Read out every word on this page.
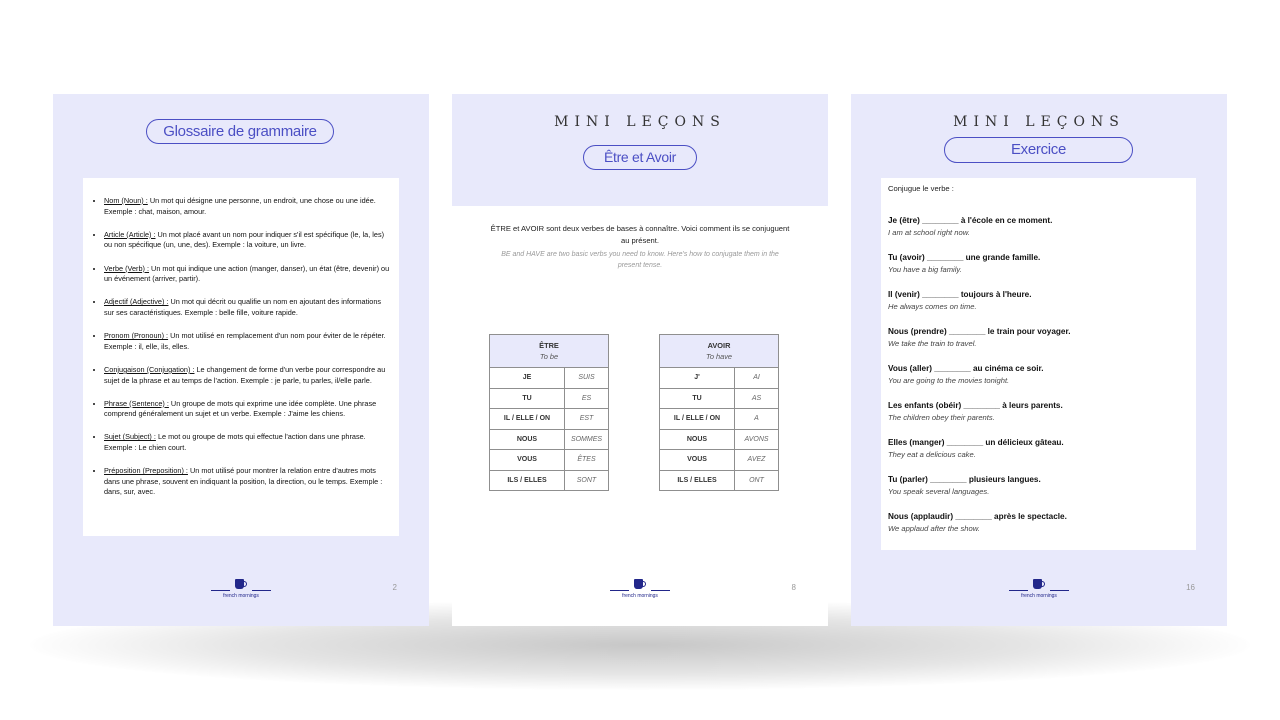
Glossaire de grammaire
• Nom (Noun) : Un mot qui désigne une personne, un endroit, une chose ou une idée. Exemple : chat, maison, amour.
• Article (Article) : Un mot placé avant un nom pour indiquer s'il est spécifique (le, la, les) ou non spécifique (un, une, des). Exemple : la voiture, un livre.
• Verbe (Verb) : Un mot qui indique une action (manger, danser), un état (être, devenir) ou un événement (arriver, partir).
• Adjectif (Adjective) : Un mot qui décrit ou qualifie un nom en ajoutant des informations sur ses caractéristiques. Exemple : belle fille, voiture rapide.
• Pronom (Pronoun) : Un mot utilisé en remplacement d'un nom pour éviter de le répéter. Exemple : il, elle, ils, elles.
• Conjugaison (Conjugation) : Le changement de forme d'un verbe pour correspondre au sujet de la phrase et au temps de l'action. Exemple : je parle, tu parles, il/elle parle.
• Phrase (Sentence) : Un groupe de mots qui exprime une idée complète. Une phrase comprend généralement un sujet et un verbe. Exemple : J'aime les chiens.
• Sujet (Subject) : Le mot ou groupe de mots qui effectue l'action dans une phrase. Exemple : Le chien court.
• Préposition (Preposition) : Un mot utilisé pour montrer la relation entre d'autres mots dans une phrase, souvent en indiquant la position, la direction, ou le temps. Exemple : dans, sur, avec.
french mornings
2
MINI LEÇONS
Être et Avoir
ÊTRE et AVOIR sont deux verbes de bases à connaître. Voici comment ils se conjuguent au présent.
BE and HAVE are two basic verbs you need to know. Here's how to conjugate them in the present tense.
ÊTRE
To be	

JE	SUIS
TU	ES
IL / ELLE / ON	EST
NOUS	SOMMES
VOUS	ÊTES
ILS / ELLES	SONT
AVOIR
To have	

J'	AI
TU	AS
IL / ELLE / ON	A
NOUS	AVONS
VOUS	AVEZ
ILS / ELLES	ONT
french mornings
8
MINI LEÇONS
Exercice
Conjugue le verbe :
Je (être) ________ à l'école en ce moment.
I am at school right now.
Tu (avoir) ________ une grande famille.
You have a big family.
Il (venir) ________ toujours à l'heure.
He always comes on time.
Nous (prendre) ________ le train pour voyager.
We take the train to travel.
Vous (aller) ________ au cinéma ce soir.
You are going to the movies tonight.
Les enfants (obéir) ________ à leurs parents.
The children obey their parents.
Elles (manger) ________ un délicieux gâteau.
They eat a delicious cake.
Tu (parler) ________ plusieurs langues.
You speak several languages.
Nous (applaudir) ________ après le spectacle.
We applaud after the show.
french mornings
16
